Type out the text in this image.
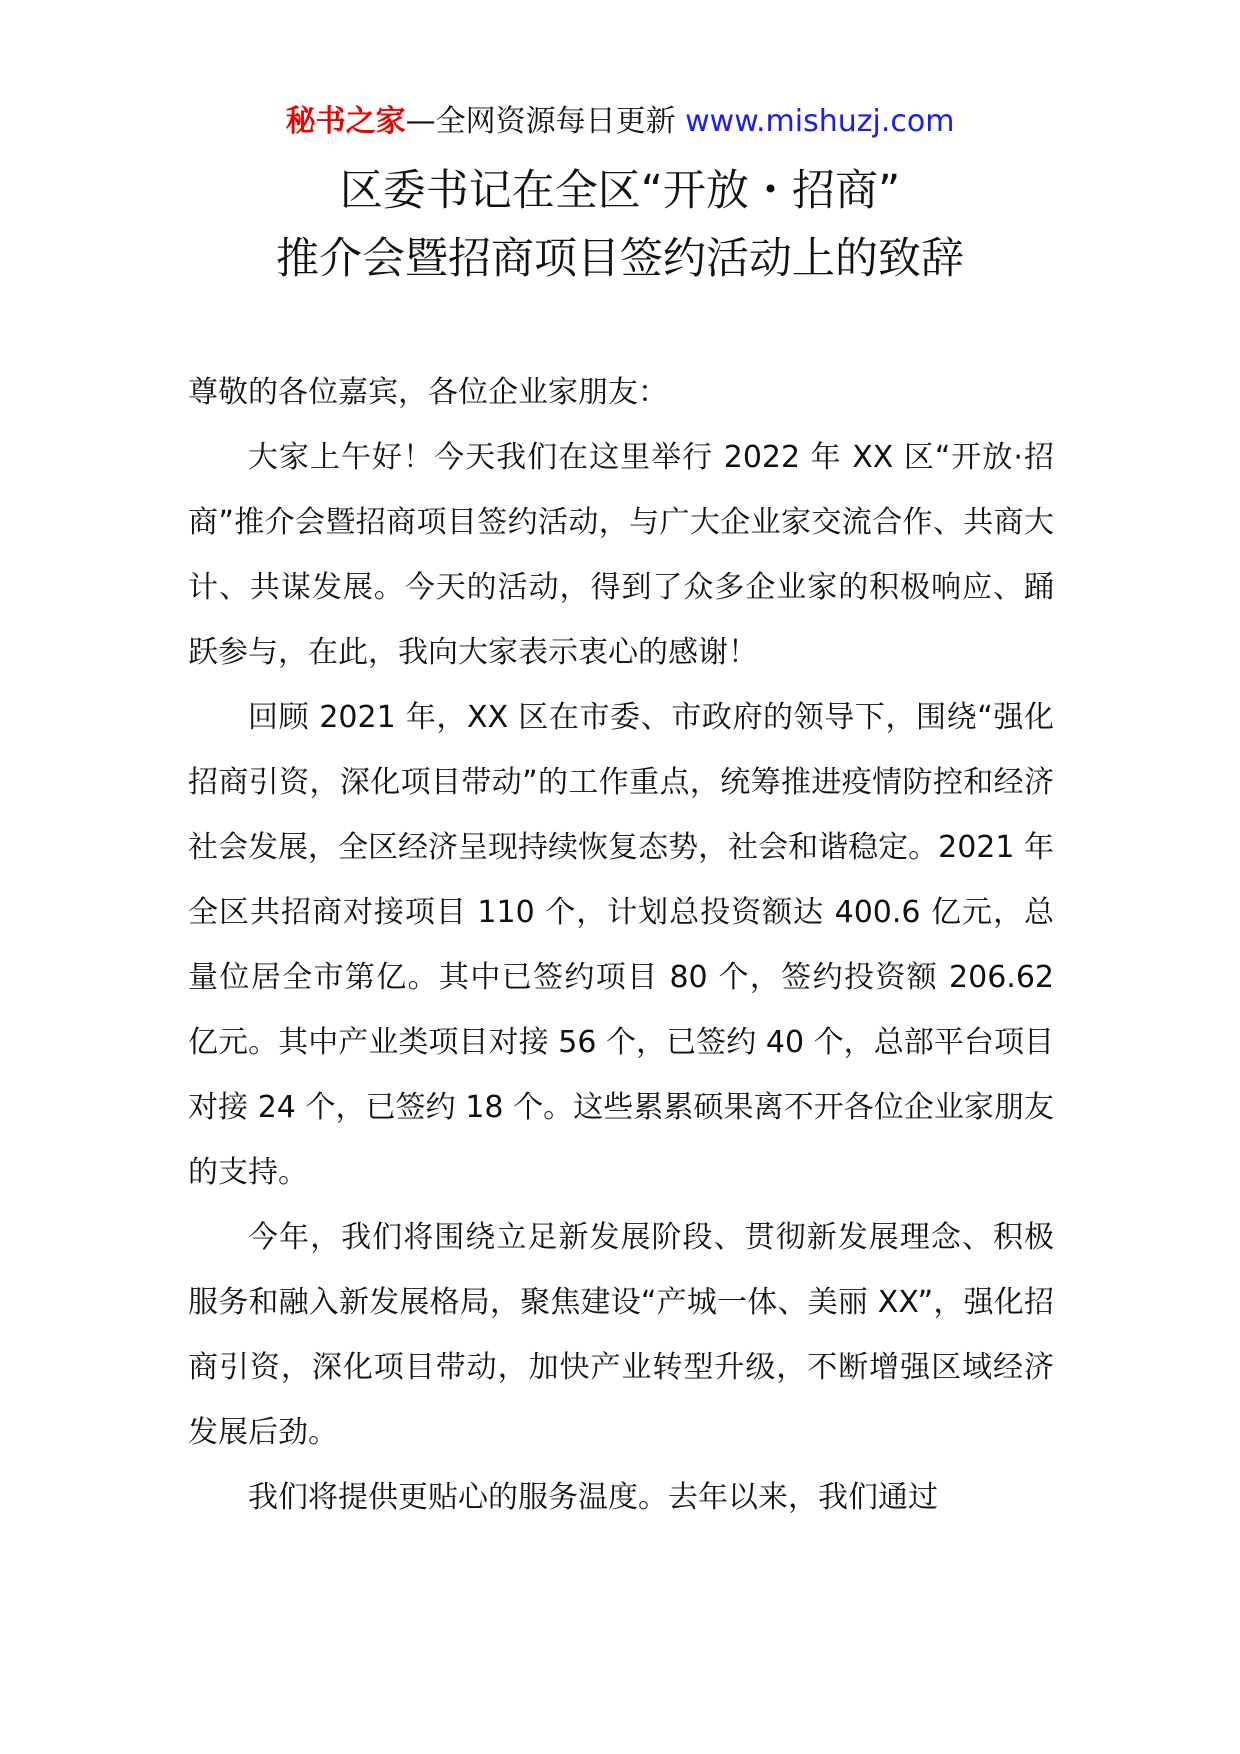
秘书之家—全网资源每日更新 www.mishuzj.com
区委书记在全区“开放・招商”
推介会暨招商项目签约活动上的致辞

尊敬的各位嘉宾，各位企业家朋友：

大家上午好！今天我们在这里举行 2022 年 XX 区“开放·招商”推介会暨招商项目签约活动，与广大企业家交流合作、共商大计、共谋发展。今天的活动，得到了众多企业家的积极响应、踊跃参与，在此，我向大家表示衷心的感谢！

回顾 2021 年，XX 区在市委、市政府的领导下，围绕“强化招商引资，深化项目带动”的工作重点，统筹推进疫情防控和经济社会发展，全区经济呈现持续恢复态势，社会和谐稳定。2021 年全区共招商对接项目 110 个，计划总投资额达 400.6 亿元，总量位居全市第亿。其中已签约项目 80 个，签约投资额 206.62 亿元。其中产业类项目对接 56 个，已签约 40 个，总部平台项目对接 24 个，已签约 18 个。这些累累硕果离不开各位企业家朋友的支持。

今年，我们将围绕立足新发展阶段、贯彻新发展理念、积极服务和融入新发展格局，聚焦建设“产城一体、美丽 XX”，强化招商引资，深化项目带动，加快产业转型升级，不断增强区域经济发展后劲。

我们将提供更贴心的服务温度。去年以来，我们通过
